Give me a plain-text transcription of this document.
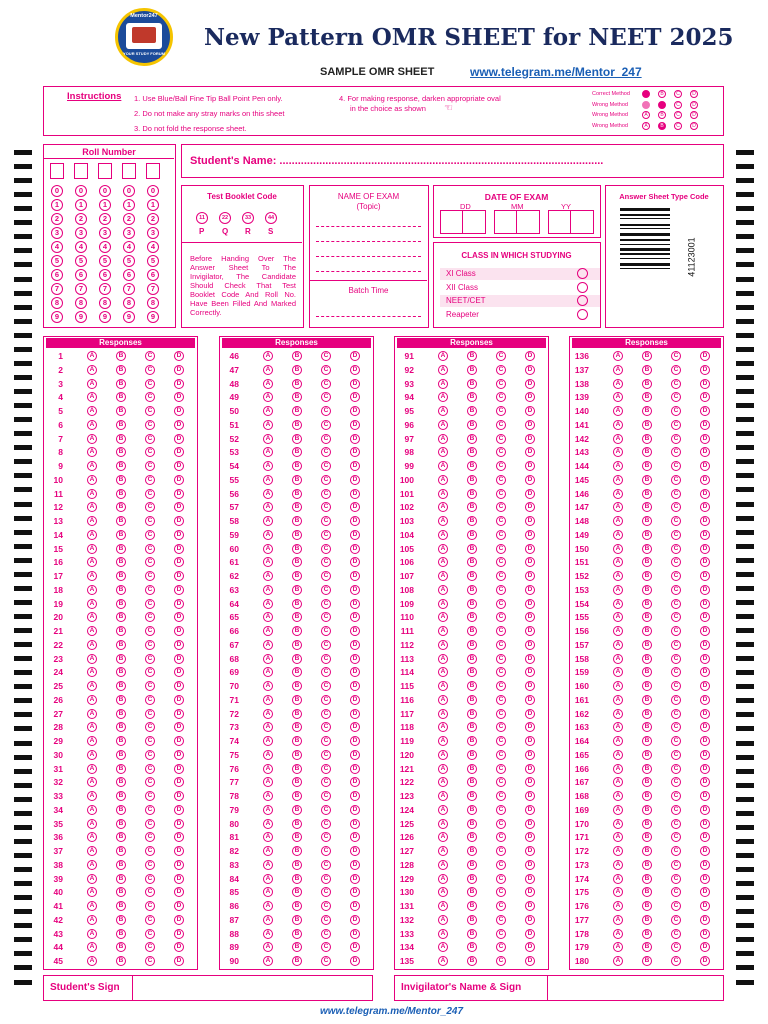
Mentor247
YOUR STUDY FORUM
New Pattern OMR SHEET for NEET 2025
SAMPLE OMR SHEET	www.telegram.me/Mentor_247
Instructions 1. Use Blue/Ball Fine Tip Ball Point Pen only.
2. Do not make any stray marks on this sheet
3. Do not fold the response sheet.
4. For making response, darken appropriate oval
in the choice as shown ☜
Correct Method	A	B	C	D
Wrong Method	A	B	C	D
Wrong Method	A	B	C	D
Wrong Method	A	B	C	D
Roll Number
0
1
2
3
4
5
6
7
8
9
0
1
2
3
4
5
6
7
8
9
0
1
2
3
4
5
6
7
8
9
0
1
2
3
4
5
6
7
8
9
0
1
2
3
4
5
6
7
8
9
Student's Name: ..........................................................................................................
Test Booklet Code
11
P
22
Q
33
R
44
S
Before Handing Over The Answer Sheet To The Invigilator, The Candidate Should Check That Test Booklet Code And Roll No. Have Been Filled And Marked Correctly.
NAME OF EXAM
(Topic)
Batch Time
DATE OF EXAM
DD	MM	YY
CLASS IN WHICH STUDYING
XI Class
XII Class
NEET/CET
Reapeter
Answer Sheet Type Code
41123001
Responses
1	A	B	C	D
2	A	B	C	D
3	A	B	C	D
4	A	B	C	D
5	A	B	C	D
6	A	B	C	D
7	A	B	C	D
8	A	B	C	D
9	A	B	C	D
10	A	B	C	D
11	A	B	C	D
12	A	B	C	D
13	A	B	C	D
14	A	B	C	D
15	A	B	C	D
16	A	B	C	D
17	A	B	C	D
18	A	B	C	D
19	A	B	C	D
20	A	B	C	D
21	A	B	C	D
22	A	B	C	D
23	A	B	C	D
24	A	B	C	D
25	A	B	C	D
26	A	B	C	D
27	A	B	C	D
28	A	B	C	D
29	A	B	C	D
30	A	B	C	D
31	A	B	C	D
32	A	B	C	D
33	A	B	C	D
34	A	B	C	D
35	A	B	C	D
36	A	B	C	D
37	A	B	C	D
38	A	B	C	D
39	A	B	C	D
40	A	B	C	D
41	A	B	C	D
42	A	B	C	D
43	A	B	C	D
44	A	B	C	D
45	A	B	C	D
Responses
46	A	B	C	D
47	A	B	C	D
48	A	B	C	D
49	A	B	C	D
50	A	B	C	D
51	A	B	C	D
52	A	B	C	D
53	A	B	C	D
54	A	B	C	D
55	A	B	C	D
56	A	B	C	D
57	A	B	C	D
58	A	B	C	D
59	A	B	C	D
60	A	B	C	D
61	A	B	C	D
62	A	B	C	D
63	A	B	C	D
64	A	B	C	D
65	A	B	C	D
66	A	B	C	D
67	A	B	C	D
68	A	B	C	D
69	A	B	C	D
70	A	B	C	D
71	A	B	C	D
72	A	B	C	D
73	A	B	C	D
74	A	B	C	D
75	A	B	C	D
76	A	B	C	D
77	A	B	C	D
78	A	B	C	D
79	A	B	C	D
80	A	B	C	D
81	A	B	C	D
82	A	B	C	D
83	A	B	C	D
84	A	B	C	D
85	A	B	C	D
86	A	B	C	D
87	A	B	C	D
88	A	B	C	D
89	A	B	C	D
90	A	B	C	D
Responses
91	A	B	C	D
92	A	B	C	D
93	A	B	C	D
94	A	B	C	D
95	A	B	C	D
96	A	B	C	D
97	A	B	C	D
98	A	B	C	D
99	A	B	C	D
100	A	B	C	D
101	A	B	C	D
102	A	B	C	D
103	A	B	C	D
104	A	B	C	D
105	A	B	C	D
106	A	B	C	D
107	A	B	C	D
108	A	B	C	D
109	A	B	C	D
110	A	B	C	D
111	A	B	C	D
112	A	B	C	D
113	A	B	C	D
114	A	B	C	D
115	A	B	C	D
116	A	B	C	D
117	A	B	C	D
118	A	B	C	D
119	A	B	C	D
120	A	B	C	D
121	A	B	C	D
122	A	B	C	D
123	A	B	C	D
124	A	B	C	D
125	A	B	C	D
126	A	B	C	D
127	A	B	C	D
128	A	B	C	D
129	A	B	C	D
130	A	B	C	D
131	A	B	C	D
132	A	B	C	D
133	A	B	C	D
134	A	B	C	D
135	A	B	C	D
Responses
136	A	B	C	D
137	A	B	C	D
138	A	B	C	D
139	A	B	C	D
140	A	B	C	D
141	A	B	C	D
142	A	B	C	D
143	A	B	C	D
144	A	B	C	D
145	A	B	C	D
146	A	B	C	D
147	A	B	C	D
148	A	B	C	D
149	A	B	C	D
150	A	B	C	D
151	A	B	C	D
152	A	B	C	D
153	A	B	C	D
154	A	B	C	D
155	A	B	C	D
156	A	B	C	D
157	A	B	C	D
158	A	B	C	D
159	A	B	C	D
160	A	B	C	D
161	A	B	C	D
162	A	B	C	D
163	A	B	C	D
164	A	B	C	D
165	A	B	C	D
166	A	B	C	D
167	A	B	C	D
168	A	B	C	D
169	A	B	C	D
170	A	B	C	D
171	A	B	C	D
172	A	B	C	D
173	A	B	C	D
174	A	B	C	D
175	A	B	C	D
176	A	B	C	D
177	A	B	C	D
178	A	B	C	D
179	A	B	C	D
180	A	B	C	D
Student's Sign	Invigilator's Name & Sign
www.telegram.me/Mentor_247
